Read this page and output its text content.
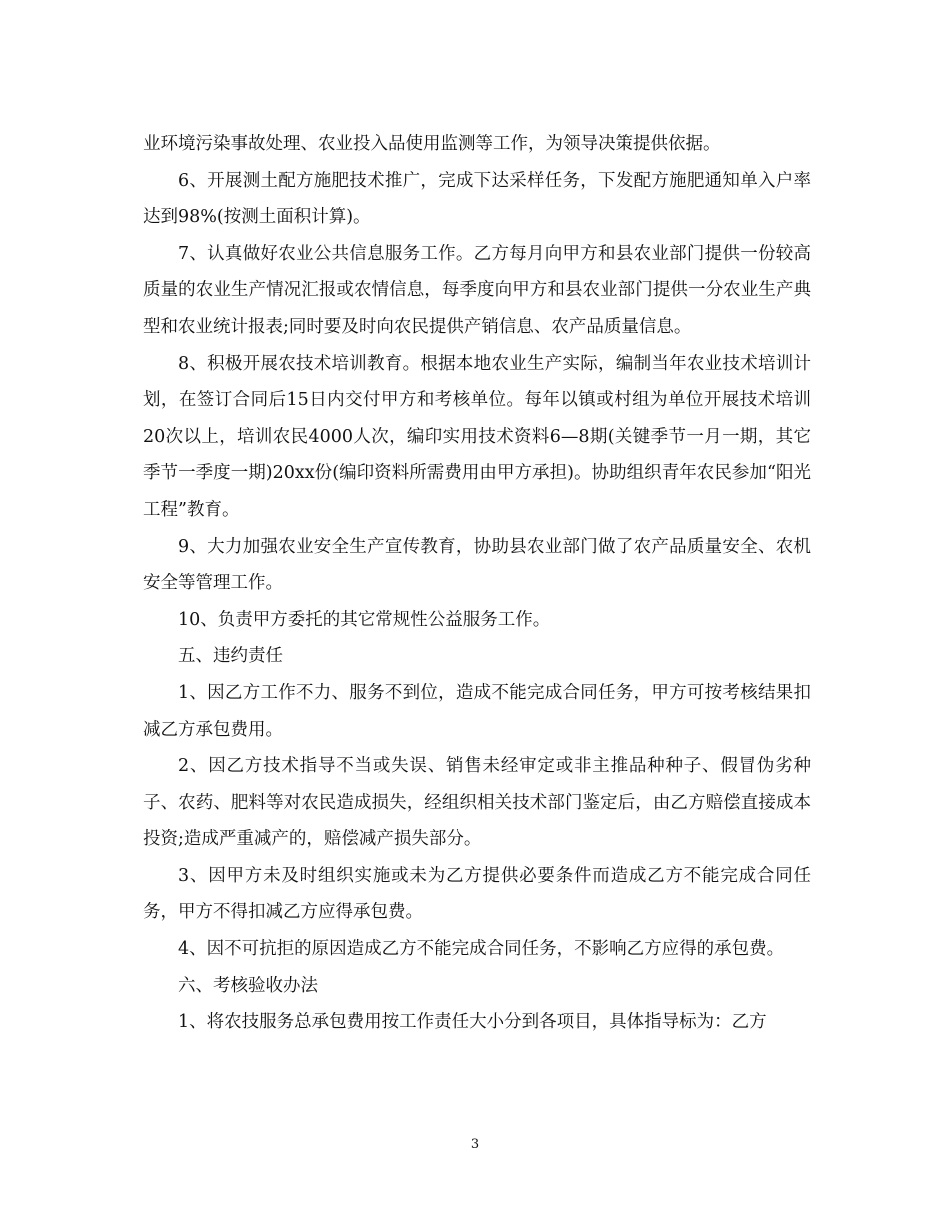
业环境污染事故处理、农业投入品使用监测等工作，为领导决策提供依据。

6、开展测土配方施肥技术推广，完成下达采样任务，下发配方施肥通知单入户率达到98%(按测土面积计算)。

7、认真做好农业公共信息服务工作。乙方每月向甲方和县农业部门提供一份较高质量的农业生产情况汇报或农情信息，每季度向甲方和县农业部门提供一分农业生产典型和农业统计报表;同时要及时向农民提供产销信息、农产品质量信息。

8、积极开展农技术培训教育。根据本地农业生产实际，编制当年农业技术培训计划，在签订合同后15日内交付甲方和考核单位。每年以镇或村组为单位开展技术培训20次以上，培训农民4000人次，编印实用技术资料6—8期(关键季节一月一期，其它季节一季度一期)20xx份(编印资料所需费用由甲方承担)。协助组织青年农民参加“阳光工程”教育。

9、大力加强农业安全生产宣传教育，协助县农业部门做了农产品质量安全、农机安全等管理工作。

10、负责甲方委托的其它常规性公益服务工作。

五、违约责任

1、因乙方工作不力、服务不到位，造成不能完成合同任务，甲方可按考核结果扣减乙方承包费用。

2、因乙方技术指导不当或失误、销售未经审定或非主推品种种子、假冒伪劣种子、农药、肥料等对农民造成损失，经组织相关技术部门鉴定后，由乙方赔偿直接成本投资;造成严重减产的，赔偿减产损失部分。

3、因甲方未及时组织实施或未为乙方提供必要条件而造成乙方不能完成合同任务，甲方不得扣减乙方应得承包费。

4、因不可抗拒的原因造成乙方不能完成合同任务，不影响乙方应得的承包费。

六、考核验收办法

1、将农技服务总承包费用按工作责任大小分到各项目，具体指导标为：乙方

3
